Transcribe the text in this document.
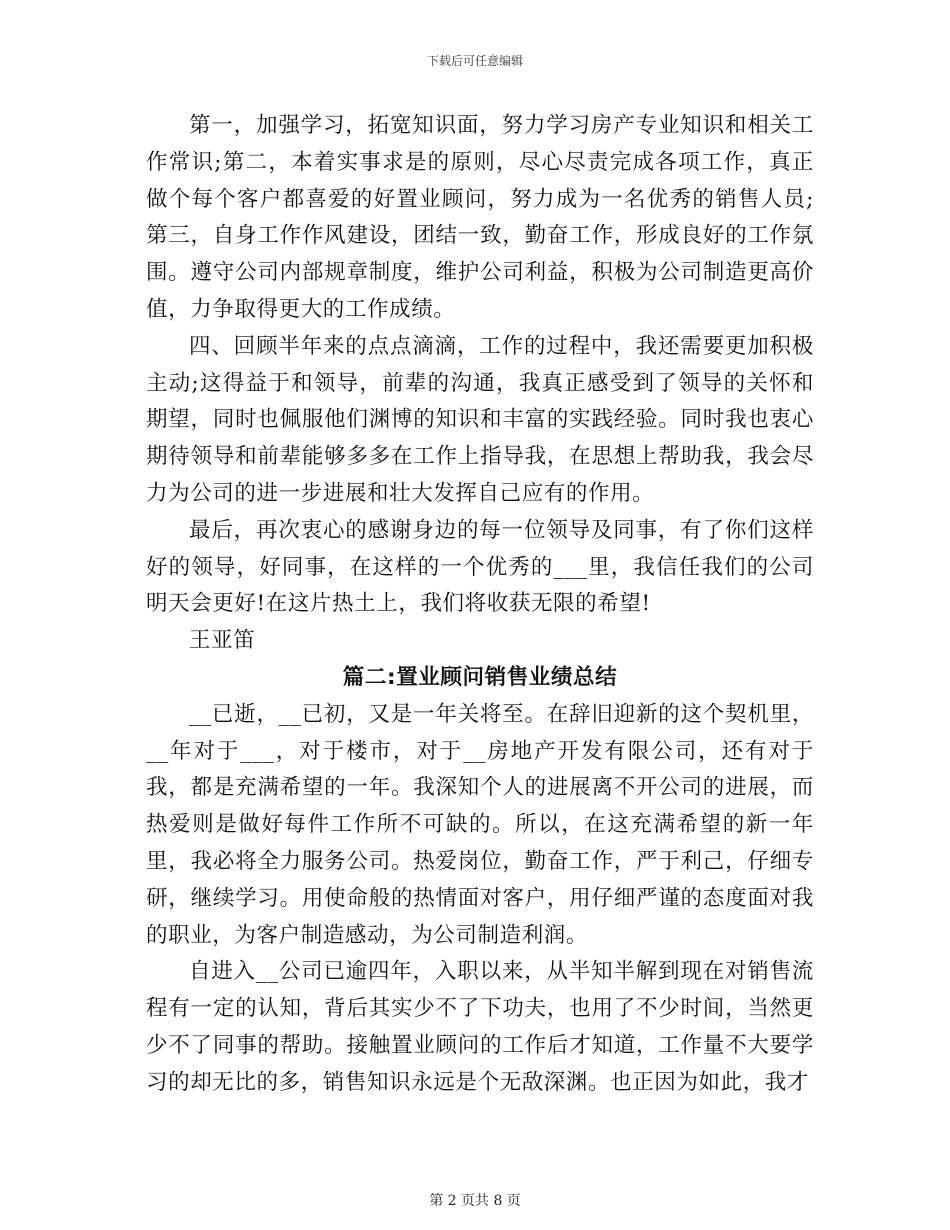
下载后可任意编辑

第一，加强学习，拓宽知识面，努力学习房产专业知识和相关工作常识;第二，本着实事求是的原则，尽心尽责完成各项工作，真正做个每个客户都喜爱的好置业顾问，努力成为一名优秀的销售人员;第三，自身工作作风建设，团结一致，勤奋工作，形成良好的工作氛围。遵守公司内部规章制度，维护公司利益，积极为公司制造更高价值，力争取得更大的工作成绩。

四、回顾半年来的点点滴滴，工作的过程中，我还需要更加积极主动;这得益于和领导，前辈的沟通，我真正感受到了领导的关怀和期望，同时也佩服他们渊博的知识和丰富的实践经验。同时我也衷心期待领导和前辈能够多多在工作上指导我，在思想上帮助我，我会尽力为公司的进一步进展和壮大发挥自己应有的作用。

最后，再次衷心的感谢身边的每一位领导及同事，有了你们这样好的领导，好同事，在这样的一个优秀的___里，我信任我们的公司明天会更好!在这片热土上，我们将收获无限的希望!

王亚笛

篇二:置业顾问销售业绩总结

__已逝，__已初，又是一年关将至。在辞旧迎新的这个契机里，__年对于___，对于楼市，对于__房地产开发有限公司，还有对于我，都是充满希望的一年。我深知个人的进展离不开公司的进展，而热爱则是做好每件工作所不可缺的。所以，在这充满希望的新一年里，我必将全力服务公司。热爱岗位，勤奋工作，严于利己，仔细专研，继续学习。用使命般的热情面对客户，用仔细严谨的态度面对我的职业，为客户制造感动，为公司制造利润。

自进入__公司已逾四年，入职以来，从半知半解到现在对销售流程有一定的认知，背后其实少不了下功夫，也用了不少时间，当然更少不了同事的帮助。接触置业顾问的工作后才知道，工作量不大要学习的却无比的多，销售知识永远是个无敌深渊。也正因为如此，我才

第 2 页共 8 页
